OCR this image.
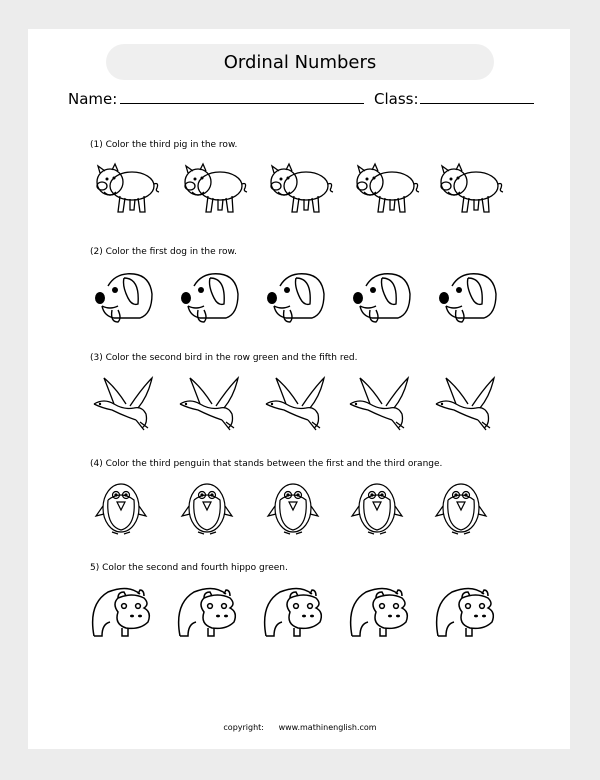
Ordinal Numbers
Name:	Class:
(1) Color the third pig in the row.
(2) Color the first dog in the row.
(3) Color the second bird in the row green and the fifth red.
(4) Color the third penguin that stands between the first and the third orange.
5) Color the second and fourth hippo green.
copyright: www.mathinenglish.com
